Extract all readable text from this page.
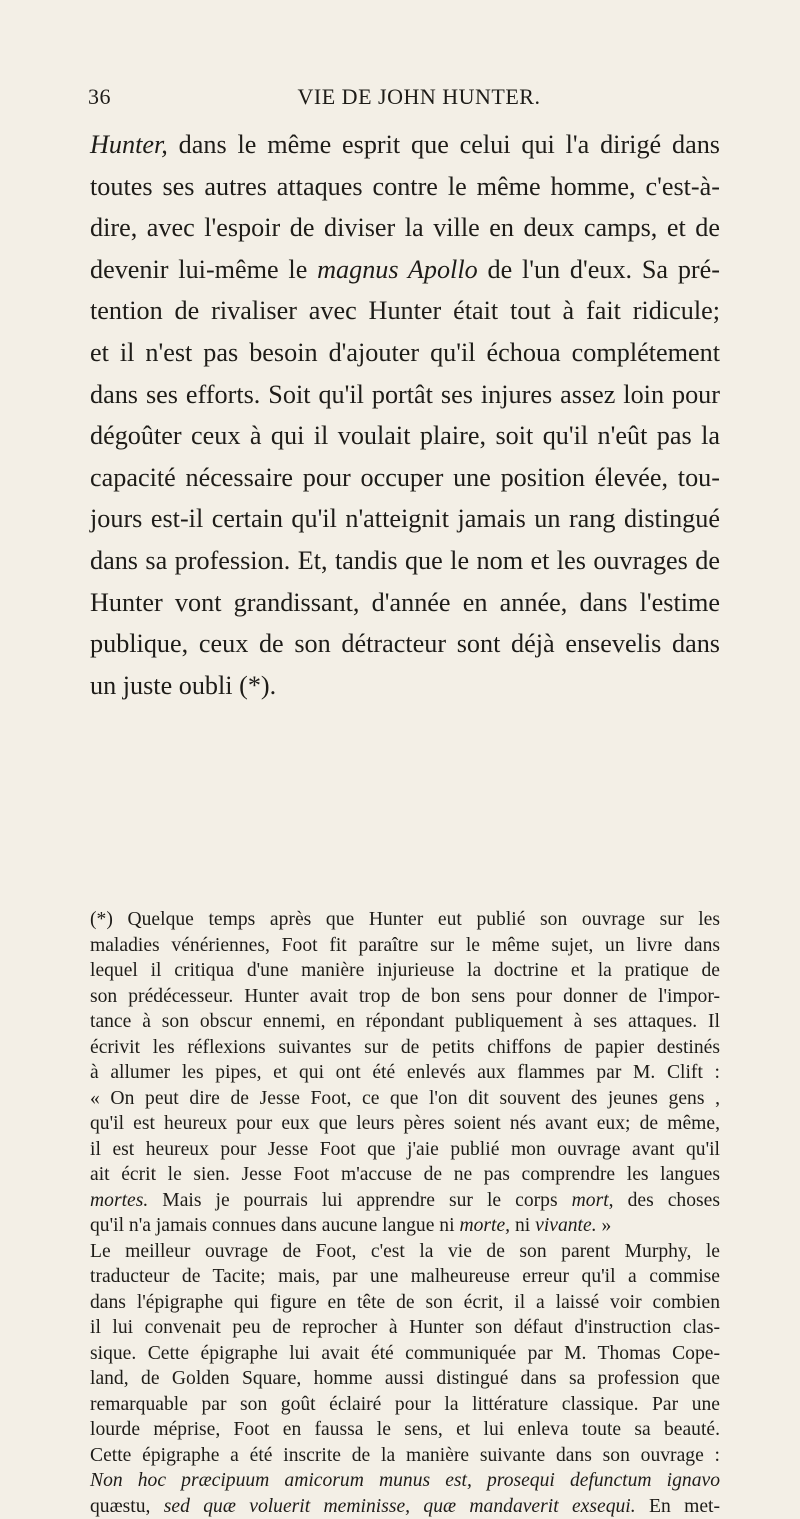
36	VIE DE JOHN HUNTER.
Hunter, dans le même esprit que celui qui l'a dirigé dans
toutes ses autres attaques contre le même homme, c'est-à-
dire, avec l'espoir de diviser la ville en deux camps, et de
devenir lui-même le magnus Apollo de l'un d'eux. Sa pré-
tention de rivaliser avec Hunter était tout à fait ridicule;
et il n'est pas besoin d'ajouter qu'il échoua complétement
dans ses efforts. Soit qu'il portât ses injures assez loin pour
dégoûter ceux à qui il voulait plaire, soit qu'il n'eût pas la
capacité nécessaire pour occuper une position élevée, tou-
jours est-il certain qu'il n'atteignit jamais un rang distingué
dans sa profession. Et, tandis que le nom et les ouvrages de
Hunter vont grandissant, d'année en année, dans l'estime
publique, ceux de son détracteur sont déjà ensevelis dans
un juste oubli (*).
(*) Quelque temps après que Hunter eut publié son ouvrage sur les
maladies vénériennes, Foot fit paraître sur le même sujet, un livre dans
lequel il critiqua d'une manière injurieuse la doctrine et la pratique de
son prédécesseur. Hunter avait trop de bon sens pour donner de l'impor-
tance à son obscur ennemi, en répondant publiquement à ses attaques. Il
écrivit les réflexions suivantes sur de petits chiffons de papier destinés
à allumer les pipes, et qui ont été enlevés aux flammes par M. Clift :
« On peut dire de Jesse Foot, ce que l'on dit souvent des jeunes gens ,
qu'il est heureux pour eux que leurs pères soient nés avant eux; de même,
il est heureux pour Jesse Foot que j'aie publié mon ouvrage avant qu'il
ait écrit le sien. Jesse Foot m'accuse de ne pas comprendre les langues
mortes. Mais je pourrais lui apprendre sur le corps mort, des choses
qu'il n'a jamais connues dans aucune langue ni morte, ni vivante. »
Le meilleur ouvrage de Foot, c'est la vie de son parent Murphy, le
traducteur de Tacite; mais, par une malheureuse erreur qu'il a commise
dans l'épigraphe qui figure en tête de son écrit, il a laissé voir combien
il lui convenait peu de reprocher à Hunter son défaut d'instruction clas-
sique. Cette épigraphe lui avait été communiquée par M. Thomas Cope-
land, de Golden Square, homme aussi distingué dans sa profession que
remarquable par son goût éclairé pour la littérature classique. Par une
lourde méprise, Foot en faussa le sens, et lui enleva toute sa beauté.
Cette épigraphe a été inscrite de la manière suivante dans son ouvrage :
Non hoc præcipuum amicorum munus est, prosequi defunctum ignavo
quæstu, sed quæ voluerit meminisse, quæ mandaverit exsequi. En met-
